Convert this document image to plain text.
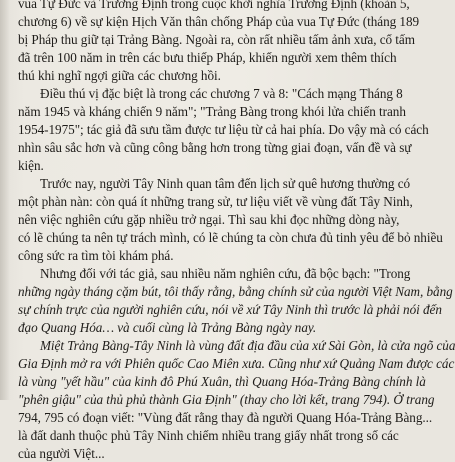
vua Tự Đức và Trương Định trong cuộc khởi nghĩa Trương Định (khoản 5,
chương 6) về sự kiện Hịch Văn thân chống Pháp của vua Tự Đức (tháng 189
bị Pháp thu giữ tại Trảng Bàng. Ngoài ra, còn rất nhiều tấm ảnh xưa, cổ tấm
đã trên 100 năm in trên các bưu thiếp Pháp, khiến người xem thêm thích
thú khi nghĩ ngợi giữa các chương hồi.
Điều thú vị đặc biệt là trong các chương 7 và 8: "Cách mạng Tháng 8
năm 1945 và kháng chiến 9 năm"; "Trảng Bàng trong khói lửa chiến tranh
1954-1975"; tác giả đã sưu tầm được tư liệu từ cả hai phía. Do vậy mà có cách
nhìn sâu sắc hơn và cũng công bằng hơn trong từng giai đoạn, vấn đề và sự
kiện.
Trước nay, người Tây Ninh quan tâm đến lịch sử quê hương thường có
một phàn nàn: còn quá ít những trang sử, tư liệu viết về vùng đất Tây Ninh,
nên việc nghiên cứu gặp nhiều trở ngại. Thì sau khi đọc những dòng này,
có lẽ chúng ta nên tự trách mình, có lẽ chúng ta còn chưa đủ tinh yêu để bỏ nhiều
công sức ra tìm tòi khám phá.
Nhưng đối với tác giả, sau nhiều năm nghiên cứu, đã bộc bạch: "Trong
những ngày tháng cặm bút, tôi thấy rằng, bằng chính sử của người Việt Nam, bằng
sự chính trực của người nghiên cứu, nói về xứ Tây Ninh thì trước là phải nói đến
đạo Quang Hóa… và cuối cùng là Trảng Bàng ngày nay.
Miệt Trảng Bàng-Tây Ninh là vùng đất địa đầu của xứ Sài Gòn, là cửa ngõ của
Gia Định mở ra với Phiên quốc Cao Miên xưa. Cũng như xứ Quảng Nam được các
là vùng "yết hầu" của kinh đô Phú Xuân, thì Quang Hóa-Trảng Bàng chính là
"phên giậu" của thủ phủ thành Gia Định" (thay cho lời kết, trang 794). Ở trang
794, 795 có đoạn viết: "Vùng đất rằng thay đà người Quang Hóa-Trảng Bàng...
là đất danh thuộc phủ Tây Ninh chiếm nhiều trang giấy nhất trong số các
của người Việt...
